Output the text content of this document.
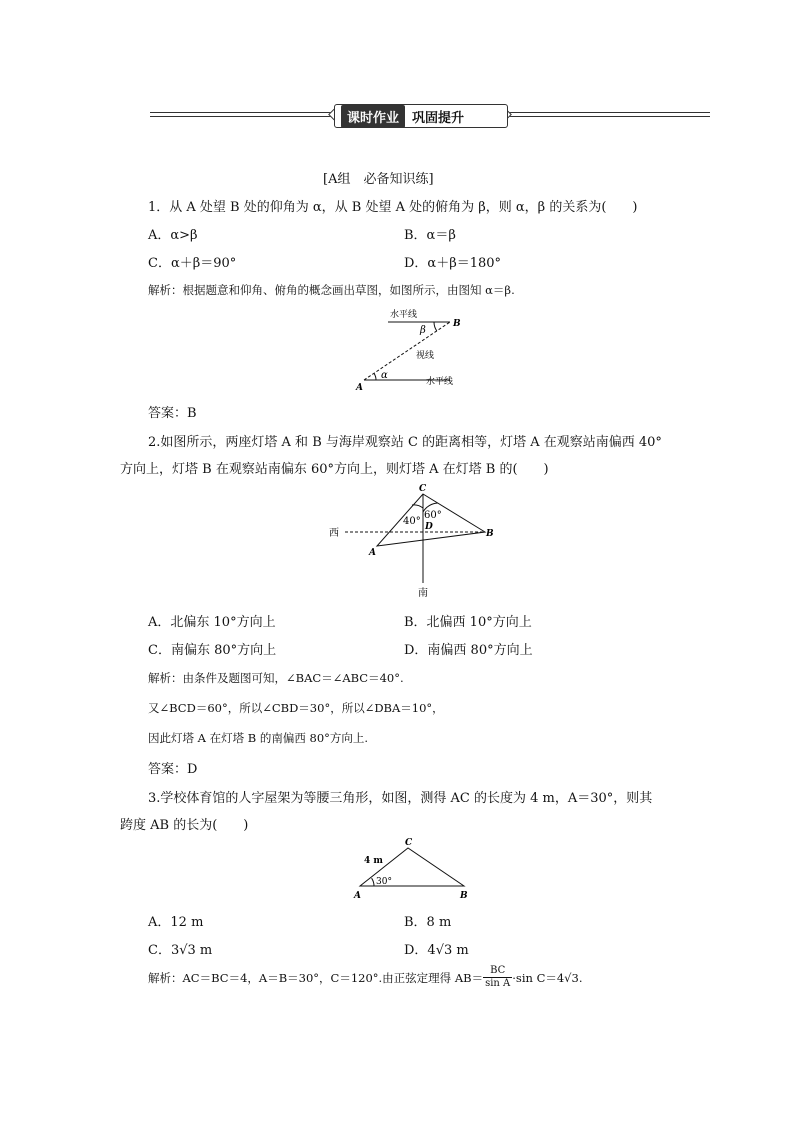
课时作业	巩固提升
[A组　必备知识练]
1．从 A 处望 B 处的仰角为 α，从 B 处望 A 处的俯角为 β，则 α，β 的关系为(　　)
A．α>β	B．α＝β
C．α＋β＝90°	D．α＋β＝180°
解析：根据题意和仰角、俯角的概念画出草图，如图所示，由图知 α＝β.
水平线
β
B
视线
A
α
水平线
答案：B
2.如图所示，两座灯塔 A 和 B 与海岸观察站 C 的距离相等，灯塔 A 在观察站南偏西 40°
方向上，灯塔 B 在观察站南偏东 60°方向上，则灯塔 A 在灯塔 B 的(　　)
C
60°
40° D
西	B
A
南
A．北偏东 10°方向上	B．北偏西 10°方向上
C．南偏东 80°方向上	D．南偏西 80°方向上
解析：由条件及题图可知，∠BAC＝∠ABC＝40°.
又∠BCD＝60°，所以∠CBD＝30°，所以∠DBA＝10°，
因此灯塔 A 在灯塔 B 的南偏西 80°方向上.
答案：D
3.学校体育馆的人字屋架为等腰三角形，如图，测得 AC 的长度为 4 m，A＝30°，则其
跨度 AB 的长为(　　)
C
4 m
30°
A	B
A．12 m	B．8 m
C．3√3 m	D．4√3 m
解析：AC＝BC＝4，A＝B＝30°，C＝120°.由正弦定理得 $AB= \frac{BC}{\text{sin A}} \cdot\sin$ C＝4√3.
